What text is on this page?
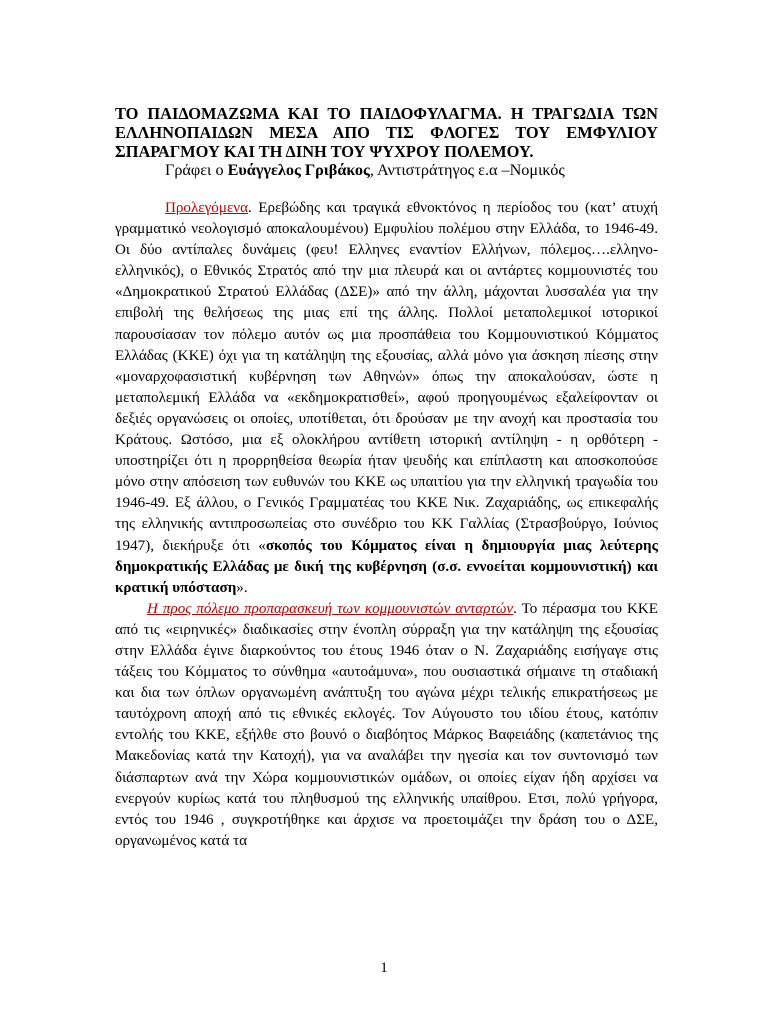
ΤΟ ΠΑΙΔΟΜΑΖΩΜΑ ΚΑΙ ΤΟ ΠΑΙΔΟΦΥΛΑΓΜΑ. Η ΤΡΑΓΩΔΙΑ ΤΩΝ ΕΛΛΗΝΟΠΑΙΔΩΝ ΜΕΣΑ ΑΠΟ ΤΙΣ ΦΛΟΓΕΣ ΤΟΥ ΕΜΦΥΛΙΟΥ ΣΠΑΡΑΓΜΟΥ ΚΑΙ ΤΗ ΔΙΝΗ ΤΟΥ ΨΥΧΡΟΥ ΠΟΛΕΜΟΥ.

Γράφει ο Ευάγγελος Γριβάκος, Αντιστράτηγος ε.α –Νομικός

Προλεγόμενα. Ερεβώδης και τραγικά εθνοκτόνος η περίοδος του (κατ’ ατυχή γραμματικό νεολογισμό αποκαλουμένου) Εμφυλίου πολέμου στην Ελλάδα, το 1946-49. Οι δύο αντίπαλες δυνάμεις (φευ! Ελληνες εναντίον Ελλήνων, πόλεμος….ελληνο-ελληνικός), ο Εθνικός Στρατός από την μια πλευρά και οι αντάρτες κομμουνιστές του «Δημοκρατικού Στρατού Ελλάδας (ΔΣΕ)» από την άλλη, μάχονται λυσσαλέα για την επιβολή της θελήσεως της μιας επί της άλλης. Πολλοί μεταπολεμικοί ιστορικοί παρουσίασαν τον πόλεμο αυτόν ως μια προσπάθεια του Κομμουνιστικού Κόμματος Ελλάδας (ΚΚΕ) όχι για τη κατάληψη της εξουσίας, αλλά μόνο για άσκηση πίεσης στην «μοναρχοφασιστική κυβέρνηση των Αθηνών» όπως την αποκαλούσαν, ώστε η μεταπολεμική Ελλάδα να «εκδημοκρατισθεί», αφού προηγουμένως εξαλείφονταν οι δεξιές οργανώσεις οι οποίες, υποτίθεται, ότι δρούσαν με την ανοχή και προστασία του Κράτους. Ωστόσο, μια εξ ολοκλήρου αντίθετη ιστορική αντίληψη - η ορθότερη - υποστηρίζει ότι η προρρηθείσα θεωρία ήταν ψευδής και επίπλαστη και αποσκοπούσε μόνο στην απόσειση των ευθυνών του ΚΚΕ ως υπαιτίου για την ελληνική τραγωδία του 1946-49. Εξ άλλου, ο Γενικός Γραμματέας του ΚΚΕ Νικ. Ζαχαριάδης, ως επικεφαλής της ελληνικής αντιπροσωπείας στο συνέδριο του ΚΚ Γαλλίας (Στρασβούργο, Ιούνιος 1947), διεκήρυξε ότι «σκοπός του Κόμματος είναι η δημιουργία μιας λεύτερης δημοκρατικής Ελλάδας με δική της κυβέρνηση (σ.σ. εννοείται κομμουνιστική) και κρατική υπόσταση».

Η προς πόλεμο προπαρασκευή των κομμουνιστών ανταρτών. Το πέρασμα του ΚΚΕ από τις «ειρηνικές» διαδικασίες στην ένοπλη σύρραξη για την κατάληψη της εξουσίας στην Ελλάδα έγινε διαρκούντος του έτους 1946 όταν ο Ν. Ζαχαριάδης εισήγαγε στις τάξεις του Κόμματος το σύνθημα «αυτοάμυνα», που ουσιαστικά σήμαινε τη σταδιακή και δια των όπλων οργανωμένη ανάπτυξη του αγώνα μέχρι τελικής επικρατήσεως με ταυτόχρονη αποχή από τις εθνικές εκλογές. Τον Αύγουστο του ιδίου έτους, κατόπιν εντολής του ΚΚΕ, εξήλθε στο βουνό ο διαβόητος Μάρκος Βαφειάδης (καπετάνιος της Μακεδονίας κατά την Κατοχή), για να αναλάβει την ηγεσία και τον συντονισμό των διάσπαρτων ανά την Χώρα κομμουνιστικών ομάδων, οι οποίες είχαν ήδη αρχίσει να ενεργούν κυρίως κατά του πληθυσμού της ελληνικής υπαίθρου. Ετσι, πολύ γρήγορα, εντός του 1946 , συγκροτήθηκε και άρχισε να προετοιμάζει την δράση του ο ΔΣΕ, οργανωμένος κατά τα

1
